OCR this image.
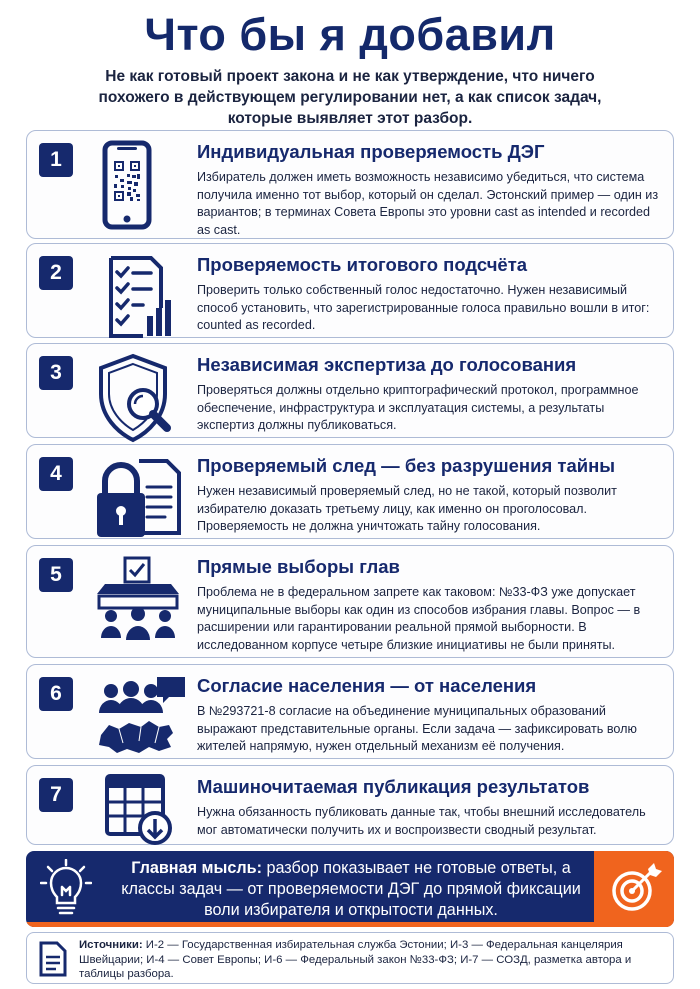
Что бы я добавил
Не как готовый проект закона и не как утверждение, что ничего похожего в действующем регулировании нет, а как список задач, которые выявляет этот разбор.
1	Индивидуальная проверяемость ДЭГ
Избиратель должен иметь возможность независимо убедиться, что система получила именно тот выбор, который он сделал. Эстонский пример — один из вариантов; в терминах Совета Европы это уровни cast as intended и recorded as cast.
2	Проверяемость итогового подсчёта
Проверить только собственный голос недостаточно. Нужен независимый способ установить, что зарегистрированные голоса правильно вошли в итог: counted as recorded.
3	Независимая экспертиза до голосования
Проверяться должны отдельно криптографический протокол, программное обеспечение, инфраструктура и эксплуатация системы, а результаты экспертиз должны публиковаться.
4	Проверяемый след — без разрушения тайны
Нужен независимый проверяемый след, но не такой, который позволит избирателю доказать третьему лицу, как именно он проголосовал. Проверяемость не должна уничтожать тайну голосования.
5	Прямые выборы глав
Проблема не в федеральном запрете как таковом: №33-ФЗ уже допускает муниципальные выборы как один из способов избрания главы. Вопрос — в расширении или гарантировании реальной прямой выборности. В исследованном корпусе четыре близкие инициативы не были приняты.
6	Согласие населения — от населения
В №293721-8 согласие на объединение муниципальных образований выражают представительные органы. Если задача — зафиксировать волю жителей напрямую, нужен отдельный механизм её получения.
7	Машиночитаемая публикация результатов
Нужна обязанность публиковать данные так, чтобы внешний исследователь мог автоматически получить их и воспроизвести сводный результат.
Главная мысль: разбор показывает не готовые ответы, а классы задач — от проверяемости ДЭГ до прямой фиксации воли избирателя и открытости данных.
Источники: И-2 — Государственная избирательная служба Эстонии; И-3 — Федеральная канцелярия Швейцарии; И-4 — Совет Европы; И-6 — Федеральный закон №33-ФЗ; И-7 — СОЗД, разметка автора и таблицы разбора.
